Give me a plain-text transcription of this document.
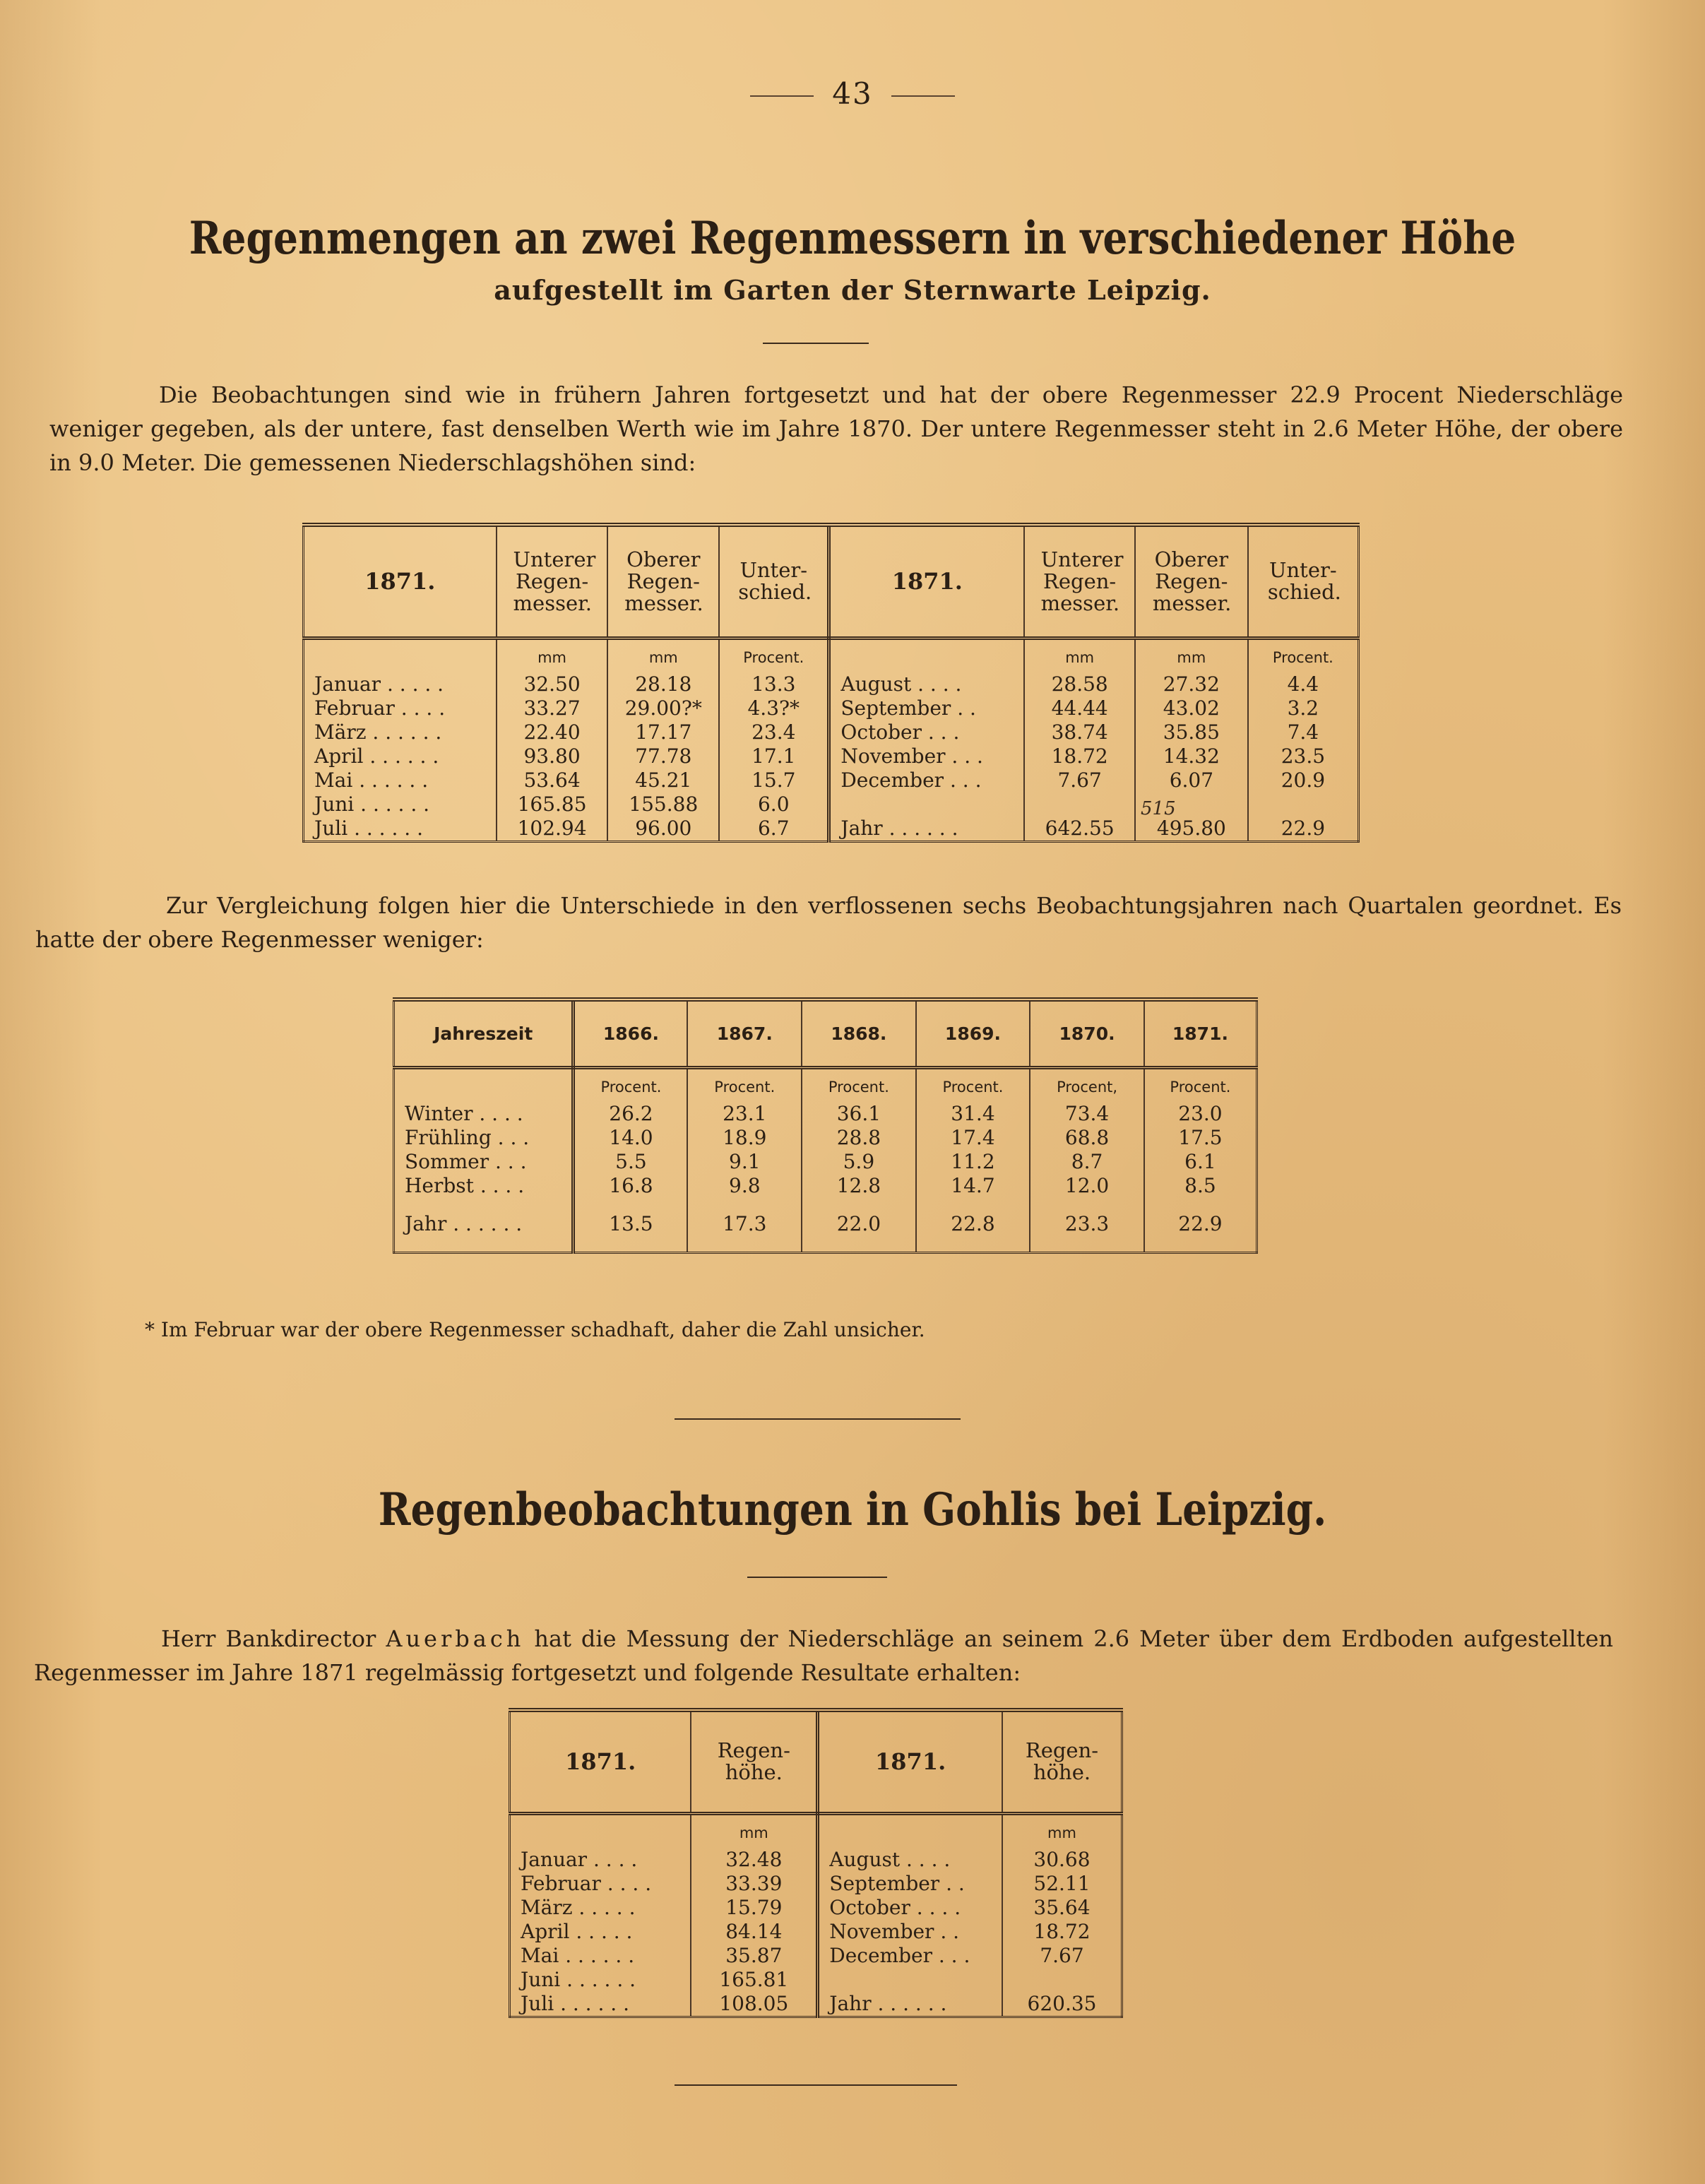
43
Regenmengen an zwei Regenmessern in verschiedener Höhe
aufgestellt im Garten der Sternwarte Leipzig.
Die Beobachtungen sind wie in frühern Jahren fortgesetzt und hat der obere Regenmesser 22.9 Procent Niederschläge weniger gegeben, als der untere, fast denselben Werth wie im Jahre 1870. Der untere Regenmesser steht in 2.6 Meter Höhe, der obere in 9.0 Meter. Die gemessenen Niederschlagshöhen sind:
1871.	Unterer Regen-messer.	Oberer Regen-messer.	Unter-schied.	1871.	Unterer Regen-messer.	Oberer Regen-messer.	Unter-schied.

	mm	mm	Procent.		mm	mm	Procent.
Januar . . . . .	32.50	28.18	13.3	August . . . .	28.58	27.32	4.4
Februar . . . .	33.27	29.00?*	4.3?*	September . .	44.44	43.02	3.2
März . . . . . .	22.40	17.17	23.4	October . . .	38.74	35.85	7.4
April . . . . . .	93.80	77.78	17.1	November . . .	18.72	14.32	23.5
Mai . . . . . .	53.64	45.21	15.7	December . . .	7.67	6.07	20.9
Juni . . . . . .	165.85	155.88	6.0				
Juli . . . . . .	102.94	96.00	6.7	Jahr . . . . . .	642.55	495.80	22.9
515
Zur Vergleichung folgen hier die Unterschiede in den verflossenen sechs Beobachtungsjahren nach Quartalen geordnet. Es hatte der obere Regenmesser weniger:
Jahreszeit	1866.	1867.	1868.	1869.	1870.	1871.
	Procent.	Procent.	Procent.	Procent.	Procent,	Procent.
Winter . . . .	26.2	23.1	36.1	31.4	73.4	23.0
Frühling . . .	14.0	18.9	28.8	17.4	68.8	17.5
Sommer . . .	5.5	9.1	5.9	11.2	8.7	6.1
Herbst . . . .	16.8	9.8	12.8	14.7	12.0	8.5

Jahr . . . . . .	13.5	17.3	22.0	22.8	23.3	22.9
* Im Februar war der obere Regenmesser schadhaft, daher die Zahl unsicher.
Regenbeobachtungen in Gohlis bei Leipzig.
Herr Bankdirector Auerbach hat die Messung der Niederschläge an seinem 2.6 Meter über dem Erdboden aufgestellten Regenmesser im Jahre 1871 regelmässig fortgesetzt und folgende Resultate erhalten:
1871.	Regen-höhe.	1871.	Regen-höhe.

	mm		mm
Januar . . . .	32.48	August . . . .	30.68
Februar . . . .	33.39	September . .	52.11
März . . . . .	15.79	October . . . .	35.64
April . . . . .	84.14	November . .	18.72
Mai . . . . . .	35.87	December . . .	7.67
Juni . . . . . .	165.81		
Juli . . . . . .	108.05	Jahr . . . . . .	620.35
